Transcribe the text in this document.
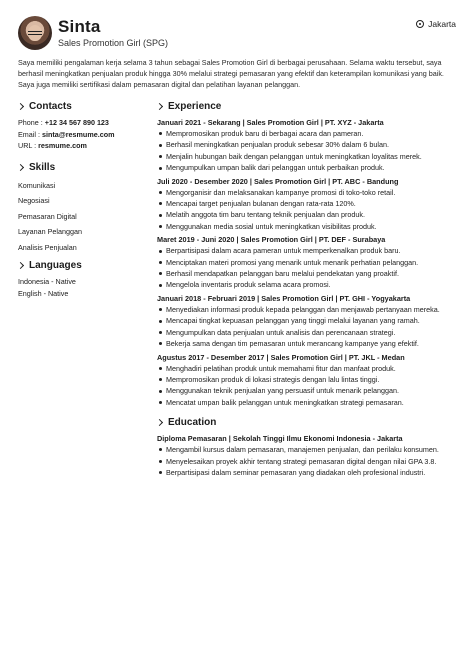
Sinta
Sales Promotion Girl (SPG)
Jakarta
Saya memiliki pengalaman kerja selama 3 tahun sebagai Sales Promotion Girl di berbagai perusahaan. Selama waktu tersebut, saya berhasil meningkatkan penjualan produk hingga 30% melalui strategi pemasaran yang efektif dan keterampilan komunikasi yang baik. Saya juga memiliki sertifikasi dalam pemasaran digital dan pelatihan layanan pelanggan.
Contacts
Phone : +12 34 567 890 123
Email : sinta@resmume.com
URL : resmume.com
Skills
Komunikasi
Negosiasi
Pemasaran Digital
Layanan Pelanggan
Analisis Penjualan
Languages
Indonesia - Native
English - Native
Experience
Januari 2021 - Sekarang | Sales Promotion Girl | PT. XYZ - Jakarta
Mempromosikan produk baru di berbagai acara dan pameran.
Berhasil meningkatkan penjualan produk sebesar 30% dalam 6 bulan.
Menjalin hubungan baik dengan pelanggan untuk meningkatkan loyalitas merek.
Mengumpulkan umpan balik dari pelanggan untuk perbaikan produk.
Juli 2020 - Desember 2020 | Sales Promotion Girl | PT. ABC - Bandung
Mengorganisir dan melaksanakan kampanye promosi di toko-toko retail.
Mencapai target penjualan bulanan dengan rata-rata 120%.
Melatih anggota tim baru tentang teknik penjualan dan produk.
Menggunakan media sosial untuk meningkatkan visibilitas produk.
Maret 2019 - Juni 2020 | Sales Promotion Girl | PT. DEF - Surabaya
Berpartisipasi dalam acara pameran untuk memperkenalkan produk baru.
Menciptakan materi promosi yang menarik untuk menarik perhatian pelanggan.
Berhasil mendapatkan pelanggan baru melalui pendekatan yang proaktif.
Mengelola inventaris produk selama acara promosi.
Januari 2018 - Februari 2019 | Sales Promotion Girl | PT. GHI - Yogyakarta
Menyediakan informasi produk kepada pelanggan dan menjawab pertanyaan mereka.
Mencapai tingkat kepuasan pelanggan yang tinggi melalui layanan yang ramah.
Mengumpulkan data penjualan untuk analisis dan perencanaan strategi.
Bekerja sama dengan tim pemasaran untuk merancang kampanye yang efektif.
Agustus 2017 - Desember 2017 | Sales Promotion Girl | PT. JKL - Medan
Menghadiri pelatihan produk untuk memahami fitur dan manfaat produk.
Mempromosikan produk di lokasi strategis dengan lalu lintas tinggi.
Menggunakan teknik penjualan yang persuasif untuk menarik pelanggan.
Mencatat umpan balik pelanggan untuk meningkatkan strategi pemasaran.
Education
Diploma Pemasaran | Sekolah Tinggi Ilmu Ekonomi Indonesia - Jakarta
Mengambil kursus dalam pemasaran, manajemen penjualan, dan perilaku konsumen.
Menyelesaikan proyek akhir tentang strategi pemasaran digital dengan nilai GPA 3.8.
Berpartisipasi dalam seminar pemasaran yang diadakan oleh profesional industri.
